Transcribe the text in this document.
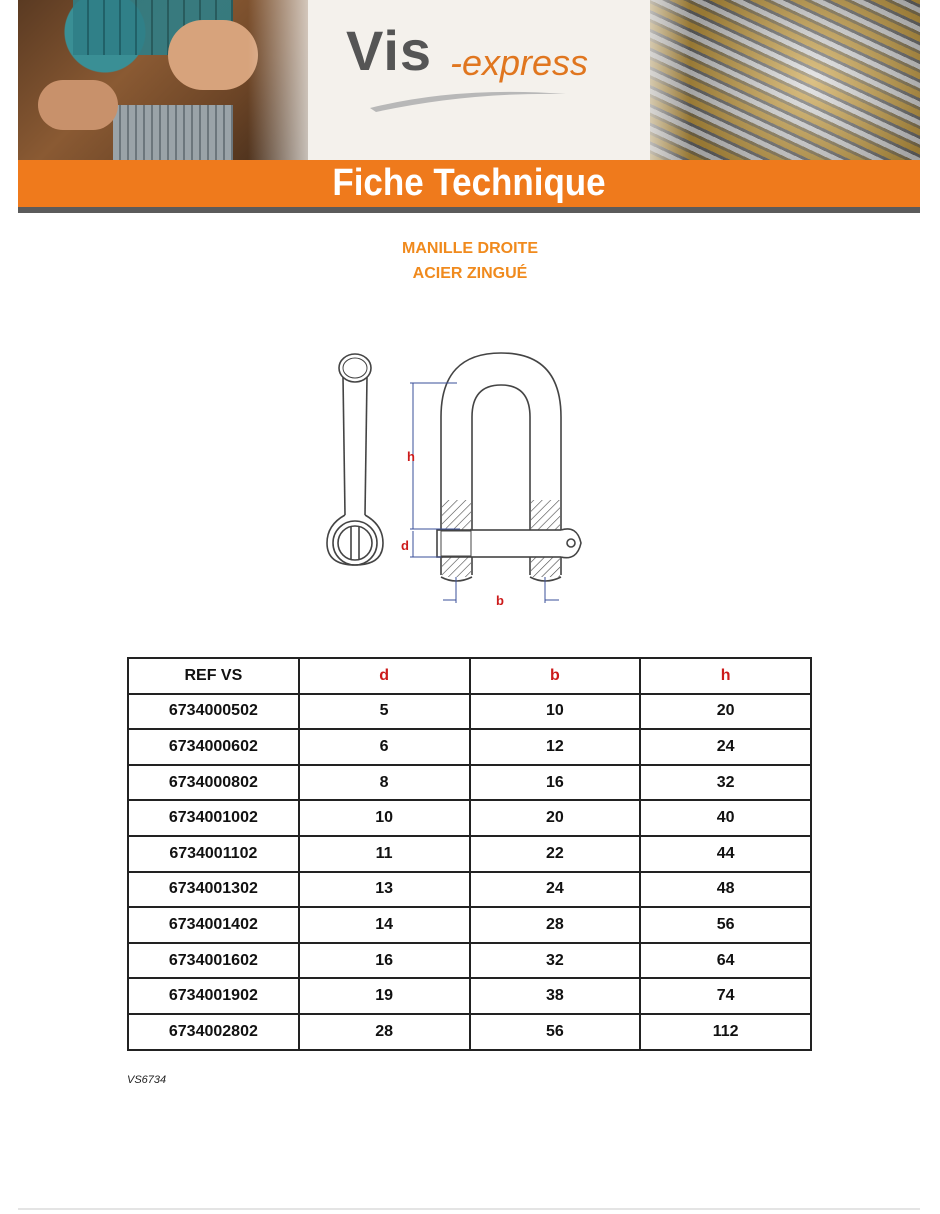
Vis -express
Fiche Technique
MANILLE DROITE
ACIER ZINGUÉ
h
d
b
REF VS	d	b	h
6734000502	5	10	20
6734000602	6	12	24
6734000802	8	16	32
6734001002	10	20	40
6734001102	11	22	44
6734001302	13	24	48
6734001402	14	28	56
6734001602	16	32	64
6734001902	19	38	74
6734002802	28	56	112
VS6734
